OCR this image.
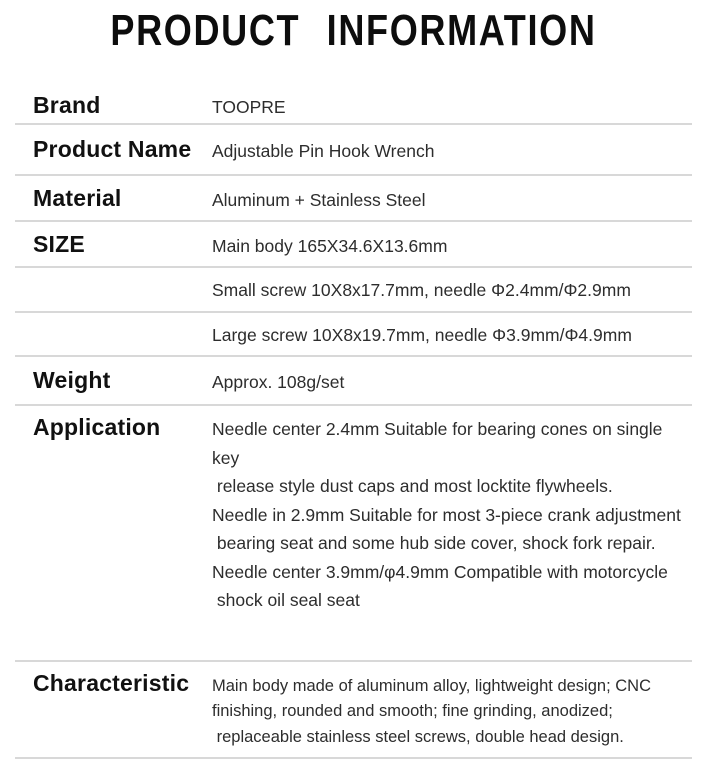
PRODUCT INFORMATION
Brand	TOOPRE
Product Name	Adjustable Pin Hook Wrench
Material	Aluminum + Stainless Steel
SIZE	Main body 165X34.6X13.6mm
Small screw 10X8x17.7mm, needle Φ2.4mm/Φ2.9mm
Large screw 10X8x19.7mm, needle Φ3.9mm/Φ4.9mm
Weight	Approx. 108g/set
Application	Needle center 2.4mm Suitable for bearing cones on single key
release style dust caps and most locktite flywheels.
Needle in 2.9mm Suitable for most 3-piece crank adjustment
bearing seat and some hub side cover, shock fork repair.
Needle center 3.9mm/φ4.9mm Compatible with motorcycle
shock oil seal seat
Characteristic	Main body made of aluminum alloy, lightweight design; CNC
finishing, rounded and smooth; fine grinding, anodized;
replaceable stainless steel screws, double head design.
